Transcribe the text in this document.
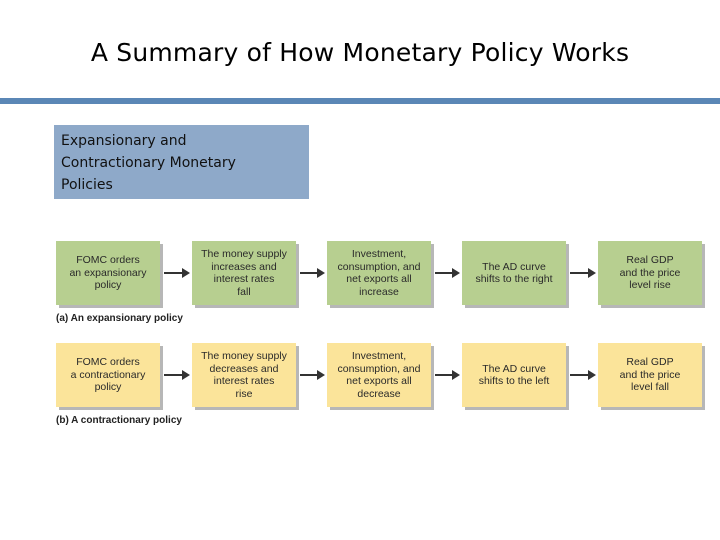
A Summary of How Monetary Policy Works
Expansionary and
Contractionary Monetary
Policies
FOMC orders
an expansionary
policy
The money supply
increases and
interest rates
fall
Investment,
consumption, and
net exports all
increase
The AD curve
shifts to the right
Real GDP
and the price
level rise
(a) An expansionary policy
FOMC orders
a contractionary
policy
The money supply
decreases and
interest rates
rise
Investment,
consumption, and
net exports all
decrease
The AD curve
shifts to the left
Real GDP
and the price
level fall
(b) A contractionary policy
